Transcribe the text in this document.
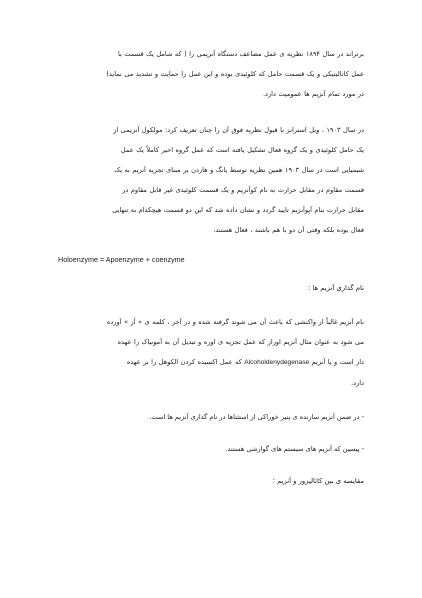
برتراند در سال ۱۸۹۴ نظریه ی عمل مضاعف دستگاه آنزیمی را ( که شامل یک قسمت با
عمل کاتالیتیکی و یک قسمت حامل که کلوئیدی بوده و این عمل را حمایت و تشدید می نماید)
در مورد تمام آنزیم ها عمومیت دارد.

در سال ۱۹۰۳ ، ویل استرانز با قبول نظریه فوق آن را چنان تعریف کرد: مولکول آنزیمی از
یک حامل کلوئیدی و یک گروه فعال تشکیل یافته است که عمل گروه اخیر کاملاً یک عمل
شیمیایی است در سال ۱۹۰۳ همین نظریه توسط یانگ و هاردن بر مبنای تجزیه آنزیم به یک
قسمت مقاوم در مقابل حرارت به نام کوآنزیم و یک قسمت کلوئیدی غیر قابل مقاوم در
مقابل حرارت بنام آپوآنزیم تایید گردد و نشان داده شد که این دو قسمت هیچکدام به تنهایی
فعال بوده بلکه وقتی آن دو با هم باشند ، فعال هستند.

Holoenzyme = Apoenzyme + coenzyme

نام گذاری آنزیم ها :

نام آنزیم غالباً از واکنشی که باعث آن می شوند گرفته شده و در آخر ، کلمه ی « آز » آورده
می شود به عنوان مثال آنزیم اوراز که عمل تجزیه ی اوره و تبدیل آن به آمونیاک را عهده
دار است و یا آنزیم Alcoholdenydegenase که عمل اکسیده کردن الکوهل را بر عهده
دارد.

- در ضمن آنزیم سازنده ی پنیر خوراکی از استثناها در نام گذاری آنزیم ها است.

- پیسین که آنزیم های سیستم های گوارشی هستند.

مقایسه ی بین کاتالیزور و آنزیم :
